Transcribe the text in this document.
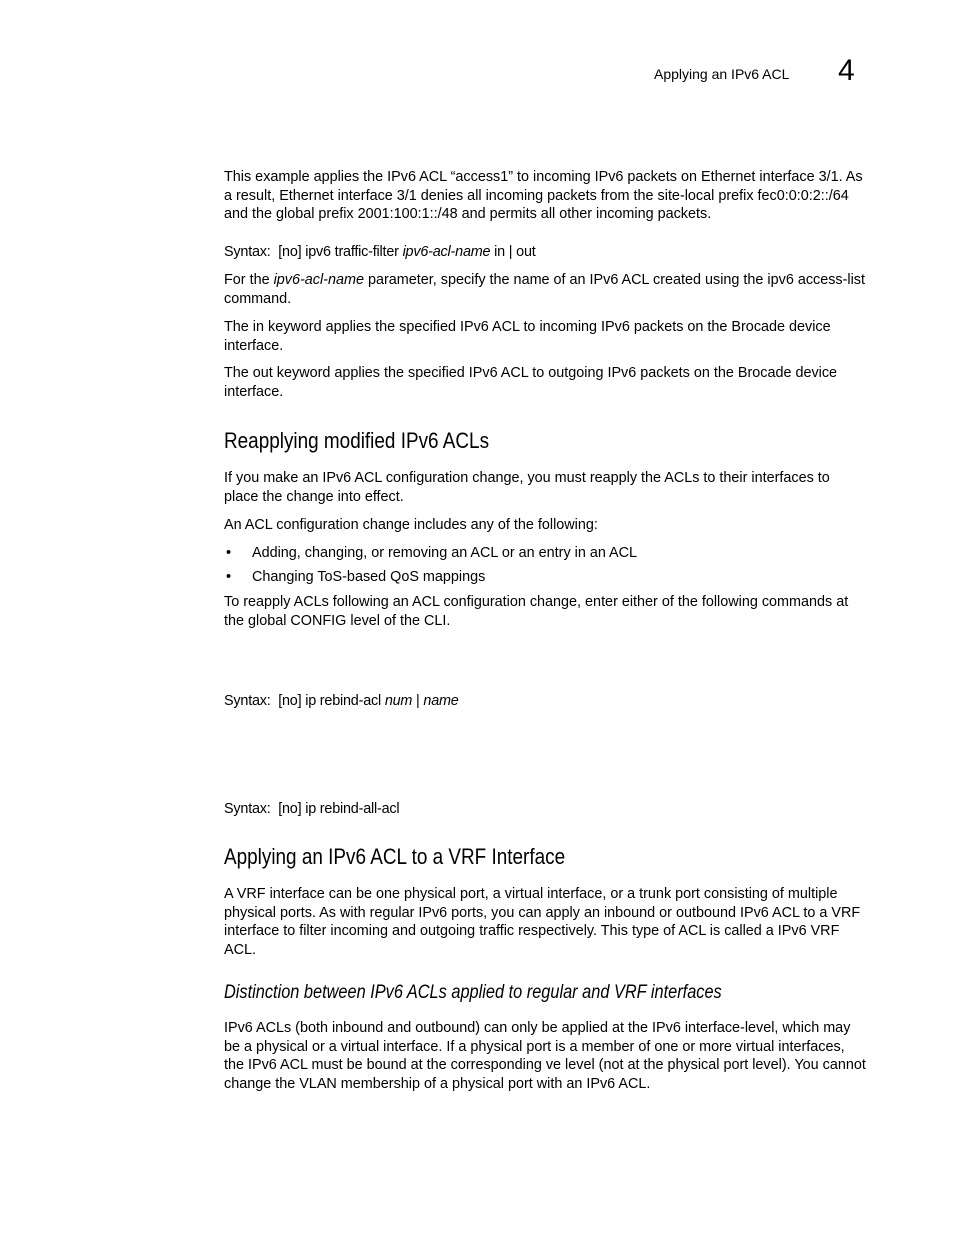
Applying an IPv6 ACL 4
This example applies the IPv6 ACL “access1” to incoming IPv6 packets on Ethernet interface 3/1. As a result, Ethernet interface 3/1 denies all incoming packets from the site-local prefix fec0:0:0:2::/64 and the global prefix 2001:100:1::/48 and permits all other incoming packets.
Syntax: [no] ipv6 traffic-filter ipv6-acl-name in | out
For the ipv6-acl-name parameter, specify the name of an IPv6 ACL created using the ipv6 access-list command.
The in keyword applies the specified IPv6 ACL to incoming IPv6 packets on the Brocade device interface.
The out keyword applies the specified IPv6 ACL to outgoing IPv6 packets on the Brocade device interface.
Reapplying modified IPv6 ACLs
If you make an IPv6 ACL configuration change, you must reapply the ACLs to their interfaces to place the change into effect.
An ACL configuration change includes any of the following:
• Adding, changing, or removing an ACL or an entry in an ACL
• Changing ToS-based QoS mappings
To reapply ACLs following an ACL configuration change, enter either of the following commands at the global CONFIG level of the CLI.
Syntax: [no] ip rebind-acl num | name
Syntax: [no] ip rebind-all-acl
Applying an IPv6 ACL to a VRF Interface
A VRF interface can be one physical port, a virtual interface, or a trunk port consisting of multiple physical ports. As with regular IPv6 ports, you can apply an inbound or outbound IPv6 ACL to a VRF interface to filter incoming and outgoing traffic respectively. This type of ACL is called a IPv6 VRF ACL.
Distinction between IPv6 ACLs applied to regular and VRF interfaces
IPv6 ACLs (both inbound and outbound) can only be applied at the IPv6 interface-level, which may be a physical or a virtual interface. If a physical port is a member of one or more virtual interfaces, the IPv6 ACL must be bound at the corresponding ve level (not at the physical port level). You cannot change the VLAN membership of a physical port with an IPv6 ACL.
